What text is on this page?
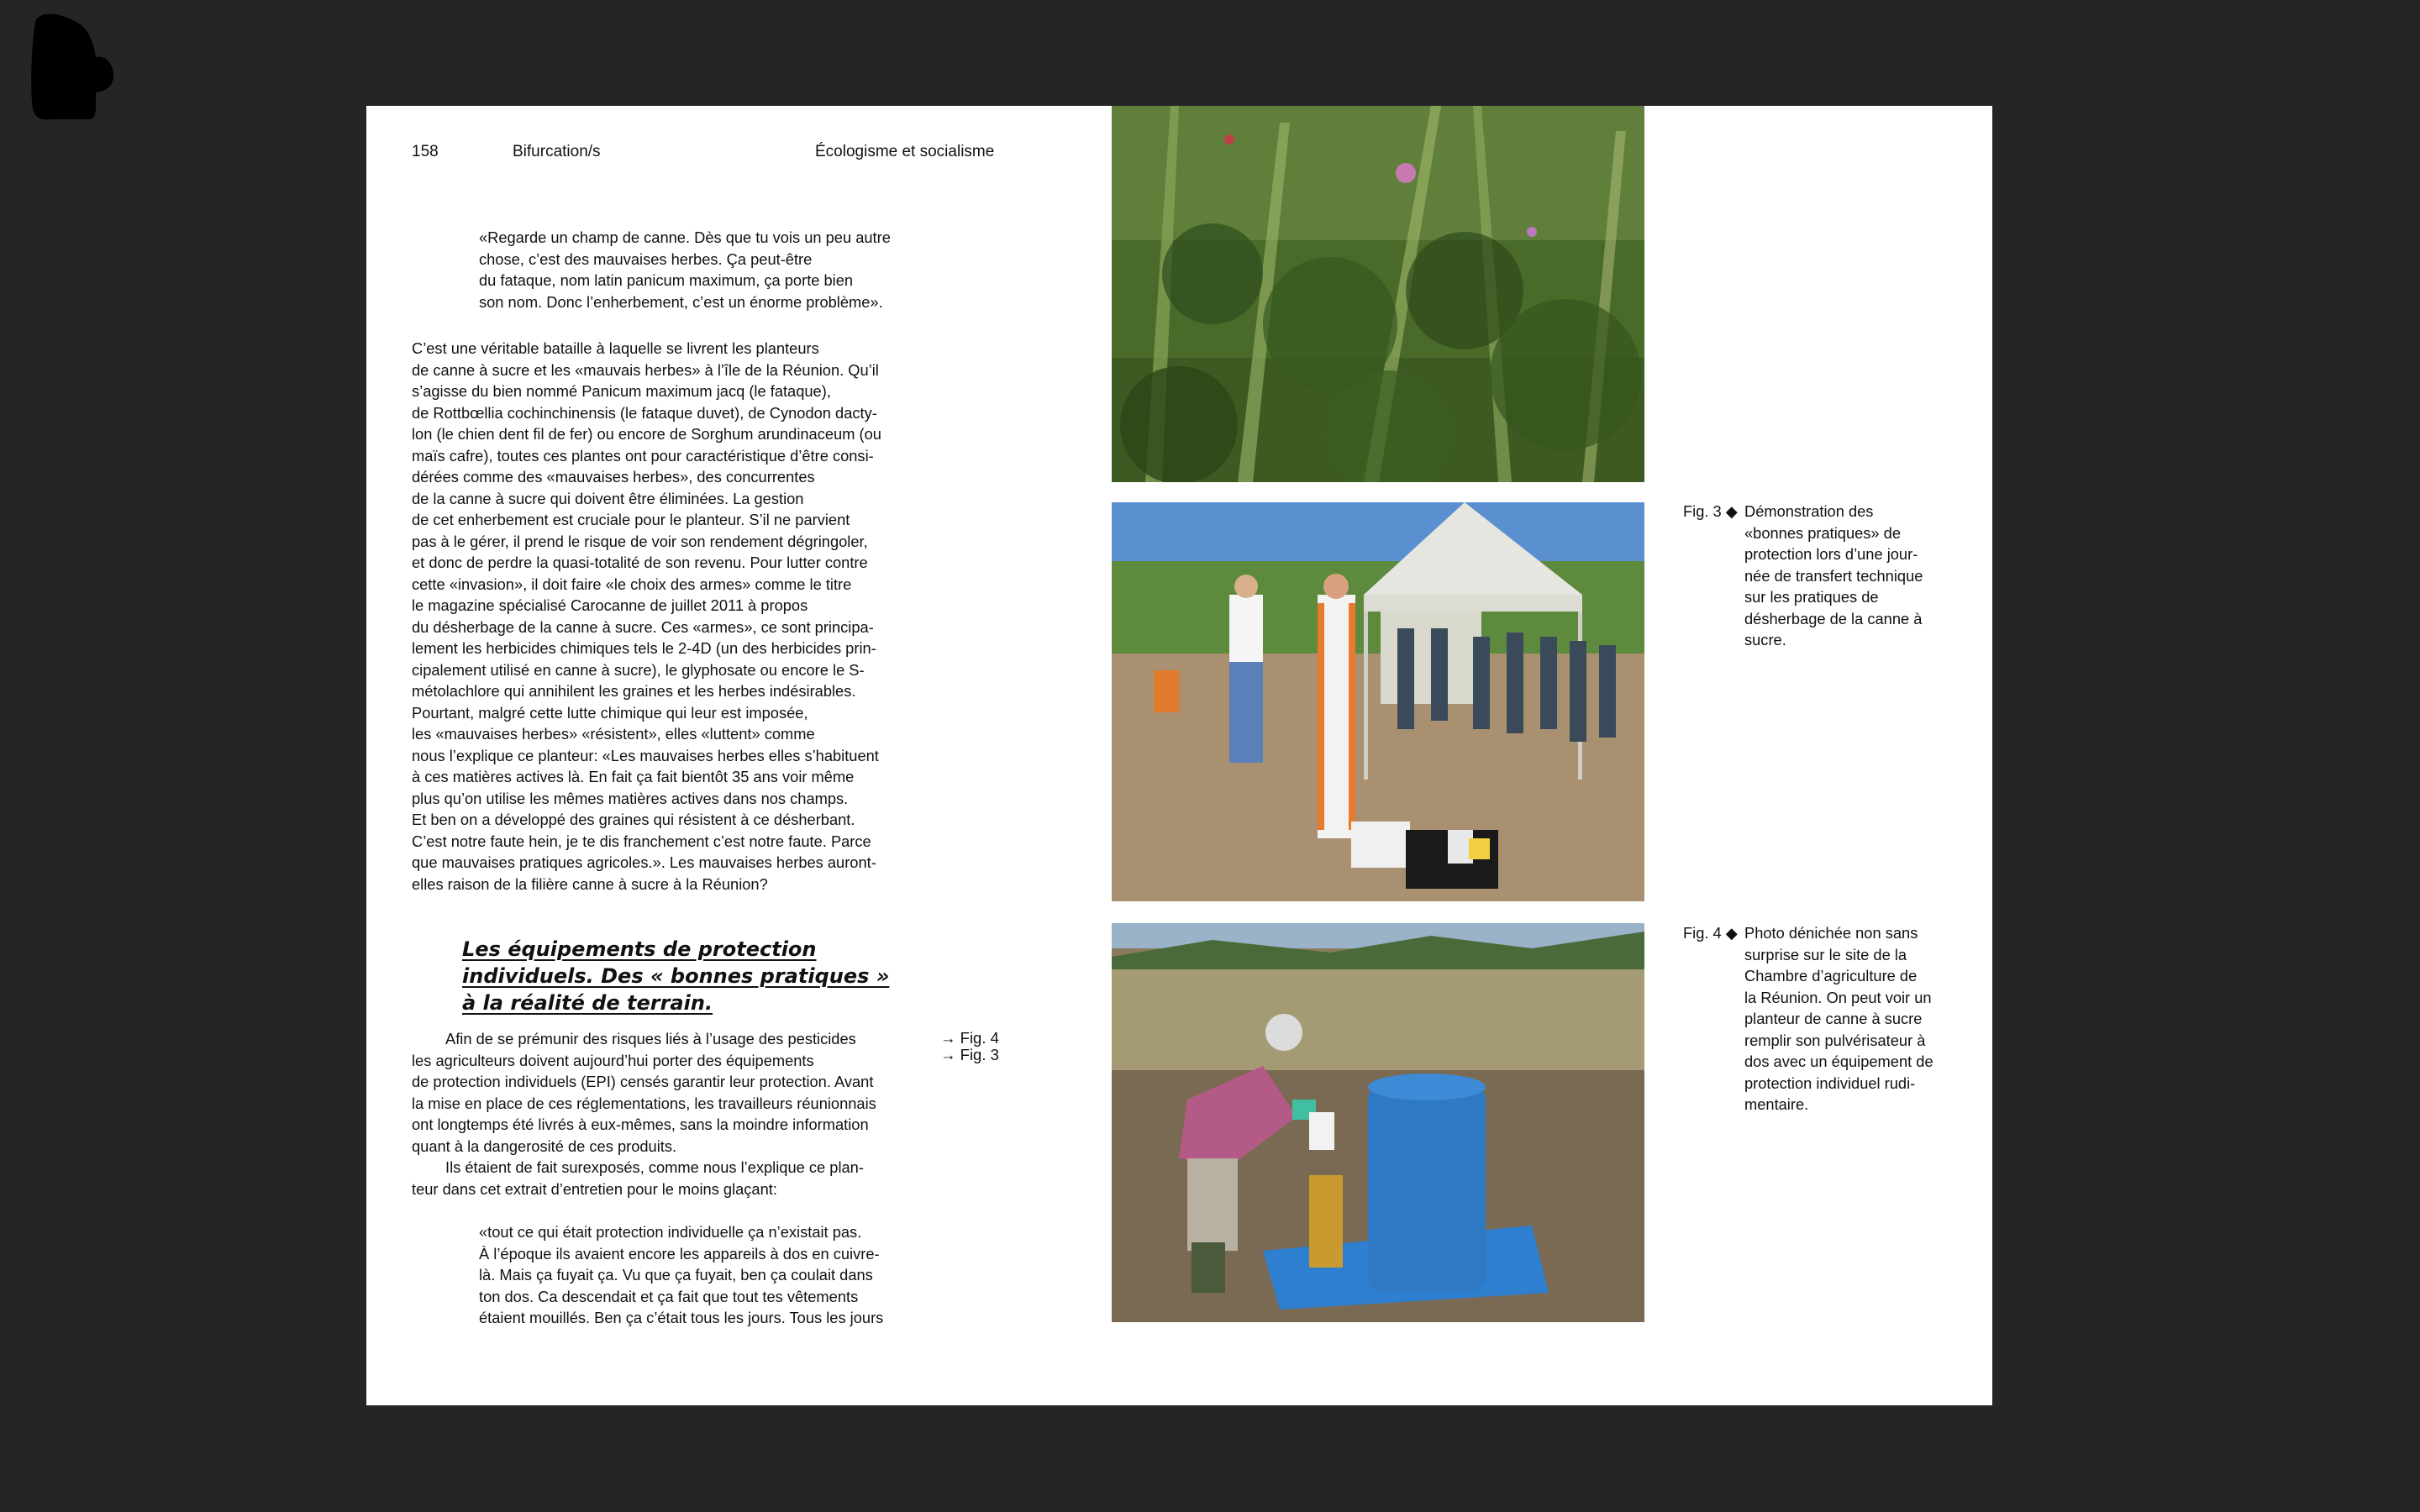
158	Bifurcation/s	Écologisme et socialisme

«Regarde un champ de canne. Dès que tu vois un peu autre

chose, c’est des mauvaises herbes. Ça peut-être

du fataque, nom latin panicum maximum, ça porte bien

son nom. Donc l’enherbement, c’est un énorme problème».

C’est une véritable bataille à laquelle se livrent les planteurs

de canne à sucre et les «mauvais herbes» à l’île de la Réunion. Qu’il

s’agisse du bien nommé Panicum maximum jacq (le fataque),

de Rottbœllia cochinchinensis (le fataque duvet), de Cynodon dacty-

lon (le chien dent fil de fer) ou encore de Sorghum arundinaceum (ou

maïs cafre), toutes ces plantes ont pour caractéristique d’être consi-

dérées comme des «mauvaises herbes», des concurrentes

de la canne à sucre qui doivent être éliminées. La gestion

de cet enherbement est cruciale pour le planteur. S’il ne parvient

pas à le gérer, il prend le risque de voir son rendement dégringoler,

et donc de perdre la quasi-totalité de son revenu. Pour lutter contre

cette «invasion», il doit faire «le choix des armes» comme le titre

le magazine spécialisé Carocanne de juillet 2011 à propos

du désherbage de la canne à sucre. Ces «armes», ce sont principa-

lement les herbicides chimiques tels le 2-4D (un des herbicides prin-

cipalement utilisé en canne à sucre), le glyphosate ou encore le S-

métolachlore qui annihilent les graines et les herbes indésirables.

Pourtant, malgré cette lutte chimique qui leur est imposée,

les «mauvaises herbes» «résistent», elles «luttent» comme

nous l’explique ce planteur: «Les mauvaises herbes elles s’habituent

à ces matières actives là. En fait ça fait bientôt 35 ans voir même

plus qu’on utilise les mêmes matières actives dans nos champs.

Et ben on a développé des graines qui résistent à ce désherbant.

C’est notre faute hein, je te dis franchement c’est notre faute. Parce

que mauvaises pratiques agricoles.». Les mauvaises herbes auront-

elles raison de la filière canne à sucre à la Réunion?

Les équipements de protection

individuels. Des « bonnes pratiques »

à la réalité de terrain.

Afin de se prémunir des risques liés à l’usage des pesticides

les agriculteurs doivent aujourd’hui porter des équipements

de protection individuels (EPI) censés garantir leur protection. Avant

la mise en place de ces réglementations, les travailleurs réunionnais

ont longtemps été livrés à eux-mêmes, sans la moindre information

quant à la dangerosité de ces produits.

Ils étaient de fait surexposés, comme nous l’explique ce plan-

teur dans cet extrait d’entretien pour le moins glaçant:

→ Fig. 4
→ Fig. 3

«tout ce qui était protection individuelle ça n’existait pas.

À l’époque ils avaient encore les appareils à dos en cuivre-

là. Mais ça fuyait ça. Vu que ça fuyait, ben ça coulait dans

ton dos. Ca descendait et ça fait que tout tes vêtements

étaient mouillés. Ben ça c’était tous les jours. Tous les jours

Fig. 3 ◆ Démonstration des

«bonnes pratiques» de

protection lors d’une jour-

née de transfert technique

sur les pratiques de

désherbage de la canne à

sucre.

Fig. 4 ◆ Photo dénichée non sans

surprise sur le site de la

Chambre d’agriculture de

la Réunion. On peut voir un

planteur de canne à sucre

remplir son pulvérisateur à

dos avec un équipement de

protection individuel rudi-

mentaire.
